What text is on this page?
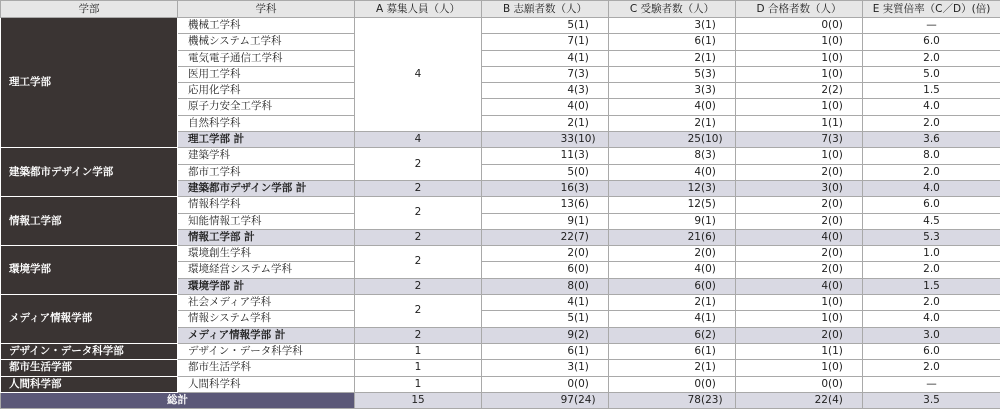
学部	学科	A 募集人員（人）	B 志願者数（人）	C 受験者数（人）	D 合格者数（人）	E 実質倍率（C／D）(倍)
理工学部	機械工学科	4	5(1)	3(1)	0(0)	—
	機械システム工学科		7(1)	6(1)	1(0)	6.0
	電気電子通信工学科		4(1)	2(1)	1(0)	2.0
	医用工学科		7(3)	5(3)	1(0)	5.0
	応用化学科		4(3)	3(3)	2(2)	1.5
	原子力安全工学科		4(0)	4(0)	1(0)	4.0
	自然科学科		2(1)	2(1)	1(1)	2.0
	理工学部 計	4	33(10)	25(10)	7(3)	3.6
建築都市デザイン学部	建築学科	2	11(3)	8(3)	1(0)	8.0
	都市工学科		5(0)	4(0)	2(0)	2.0
	建築都市デザイン学部 計	2	16(3)	12(3)	3(0)	4.0
情報工学部	情報科学科	2	13(6)	12(5)	2(0)	6.0
	知能情報工学科		9(1)	9(1)	2(0)	4.5
	情報工学部 計	2	22(7)	21(6)	4(0)	5.3
環境学部	環境創生学科	2	2(0)	2(0)	2(0)	1.0
	環境経営システム学科		6(0)	4(0)	2(0)	2.0
	環境学部 計	2	8(0)	6(0)	4(0)	1.5
メディア情報学部	社会メディア学科	2	4(1)	2(1)	1(0)	2.0
	情報システム学科		5(1)	4(1)	1(0)	4.0
	メディア情報学部 計	2	9(2)	6(2)	2(0)	3.0
デザイン・データ科学部	デザイン・データ科学科	1	6(1)	6(1)	1(1)	6.0
都市生活学部	都市生活学科	1	3(1)	2(1)	1(0)	2.0
人間科学部	人間科学科	1	0(0)	0(0)	0(0)	—
総計		15	97(24)	78(23)	22(4)	3.5
